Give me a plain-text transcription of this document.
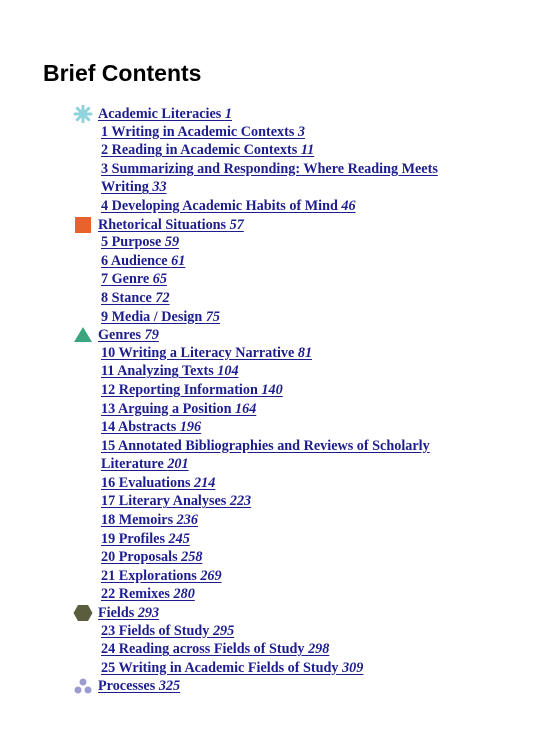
Brief Contents
Academic Literacies 1
1 Writing in Academic Contexts 3
2 Reading in Academic Contexts 11
3 Summarizing and Responding: Where Reading Meets Writing 33
4 Developing Academic Habits of Mind 46
Rhetorical Situations 57
5 Purpose 59
6 Audience 61
7 Genre 65
8 Stance 72
9 Media / Design 75
Genres 79
10 Writing a Literacy Narrative 81
11 Analyzing Texts 104
12 Reporting Information 140
13 Arguing a Position 164
14 Abstracts 196
15 Annotated Bibliographies and Reviews of Scholarly Literature 201
16 Evaluations 214
17 Literary Analyses 223
18 Memoirs 236
19 Profiles 245
20 Proposals 258
21 Explorations 269
22 Remixes 280
Fields 293
23 Fields of Study 295
24 Reading across Fields of Study 298
25 Writing in Academic Fields of Study 309
Processes 325
